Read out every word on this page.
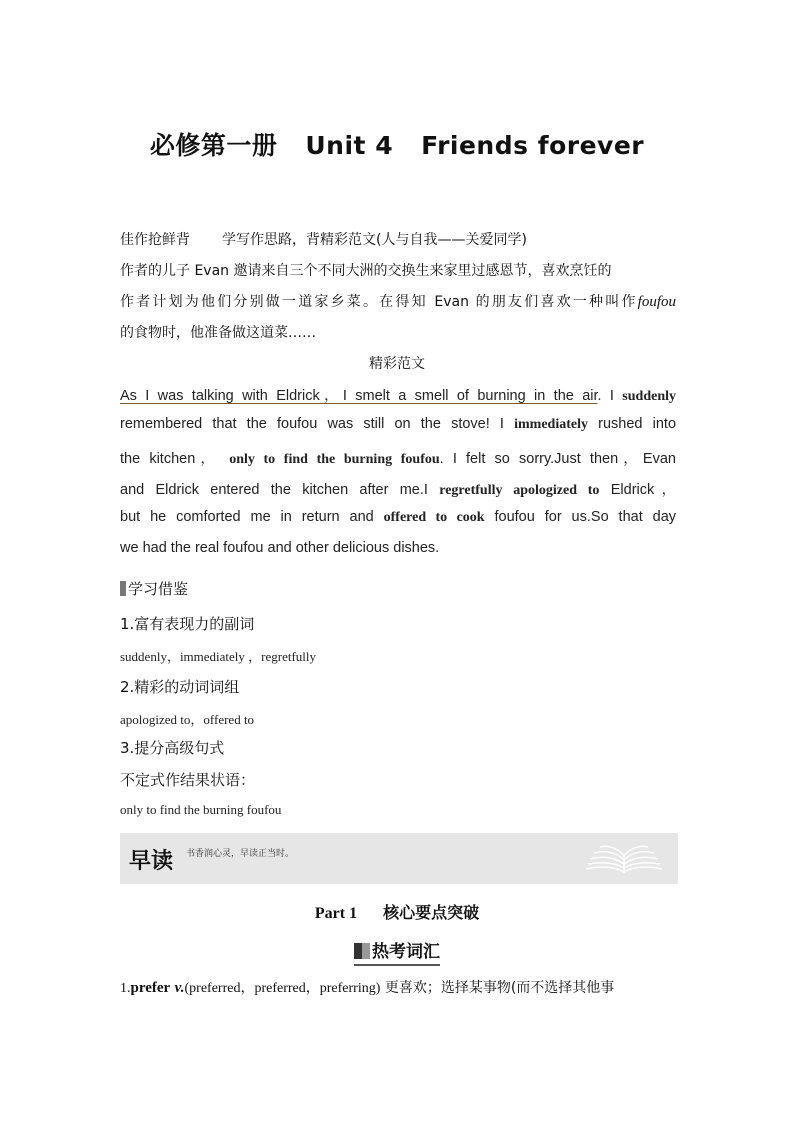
必修第一册 Unit 4 Friends forever
佳作抢鲜背 学写作思路，背精彩范文(人与自我——关爱同学)
作者的儿子 Evan 邀请来自三个不同大洲的交换生来家里过感恩节，喜欢烹饪的
作者计划为他们分别做一道家乡菜。在得知 Evan 的朋友们喜欢一种叫作foufou
的食物时，他准备做这道菜……
精彩范文
As I was talking with Eldrick，I smelt a smell of burning in the air. I suddenly
remembered that the foufou was still on the stove! I immediately rushed into
the kitchen， only to find the burning foufou. I felt so sorry.Just then，Evan
and Eldrick entered the kitchen after me.I regretfully apologized to Eldrick，
but he comforted me in return and offered to cook foufou for us.So that day
we had the real foufou and other delicious dishes.
学习借鉴
1.富有表现力的副词
suddenly，immediately ，regretfully
2.精彩的动词词组
apologized to，offered to
3.提分高级句式
不定式作结果状语：
only to find the burning foufou
早读 书香润心灵，早读正当时。
Part 1 核心要点突破
热考词汇
1.prefer v.(preferred，preferred，preferring) 更喜欢；选择某事物(而不选择其他事
